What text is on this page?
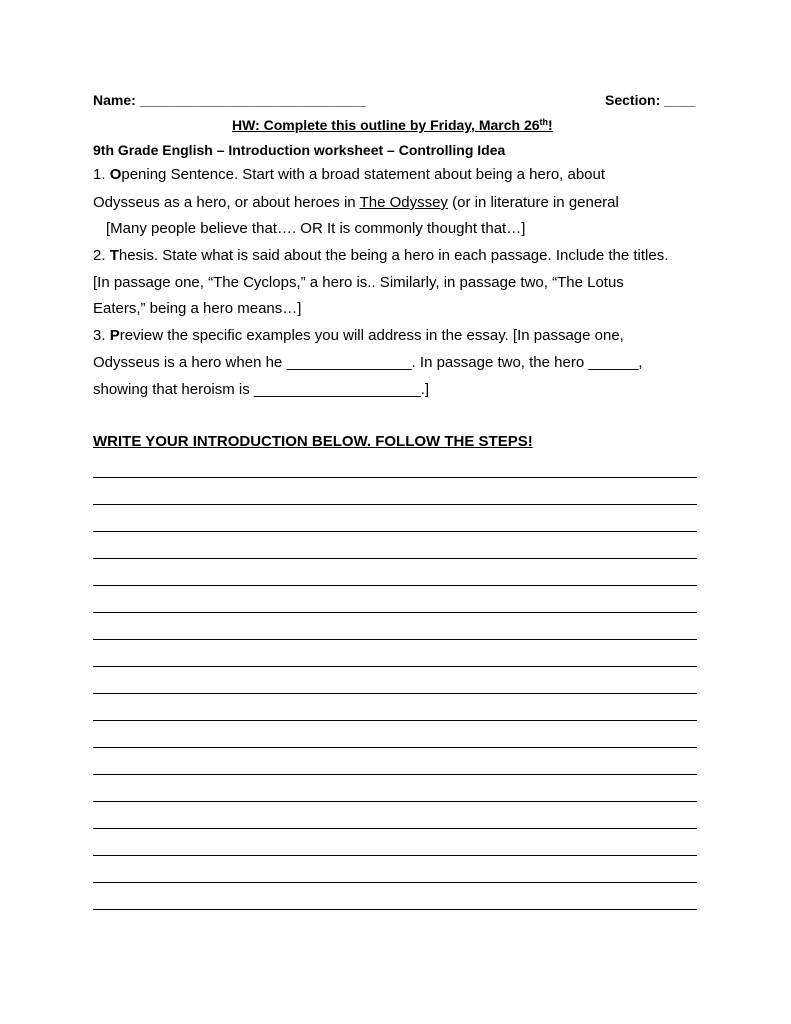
Name: _____________________________	Section: ____
HW: Complete this outline by Friday, March 26th!
9th Grade English – Introduction worksheet – Controlling Idea
1. Opening Sentence. Start with a broad statement about being a hero, about
Odysseus as a hero, or about heroes in The Odyssey (or in literature in general
[Many people believe that…. OR It is commonly thought that…]
2. Thesis. State what is said about the being a hero in each passage. Include the titles.
[In passage one, “The Cyclops,” a hero is.. Similarly, in passage two, “The Lotus
Eaters,” being a hero means…]
3. Preview the specific examples you will address in the essay. [In passage one,
Odysseus is a hero when he _______________. In passage two, the hero ______,
showing that heroism is ____________________.]
WRITE YOUR INTRODUCTION BELOW. FOLLOW THE STEPS!
